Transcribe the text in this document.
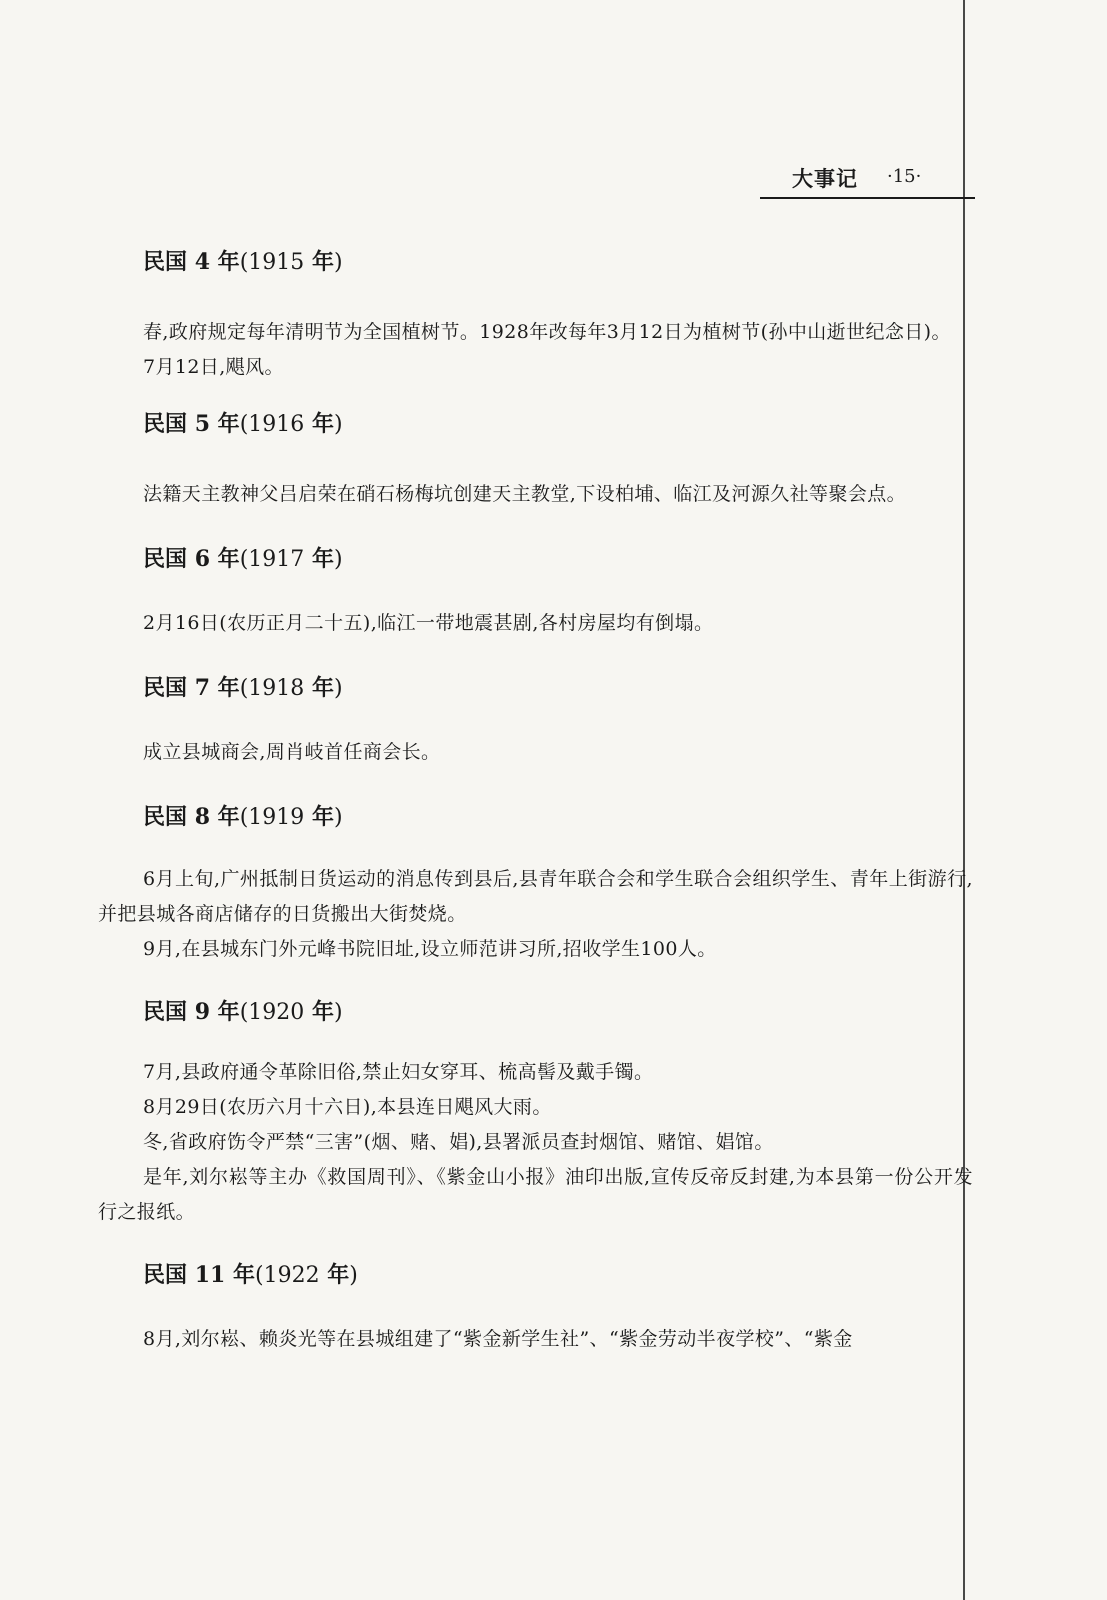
大事记 ·15·
民国 4 年(1915 年)

春,政府规定每年清明节为全国植树节。1928年改每年3月12日为植树节(孙中山逝世纪念日)。

7月12日,飓风。

民国 5 年(1916 年)

法籍天主教神父吕启荣在硝石杨梅坑创建天主教堂,下设柏埔、临江及河源久社等聚会点。

民国 6 年(1917 年)

2月16日(农历正月二十五),临江一带地震甚剧,各村房屋均有倒塌。

民国 7 年(1918 年)

成立县城商会,周肖岐首任商会长。

民国 8 年(1919 年)

6月上旬,广州抵制日货运动的消息传到县后,县青年联合会和学生联合会组织学生、青年上街游行,并把县城各商店储存的日货搬出大街焚烧。

9月,在县城东门外元峰书院旧址,设立师范讲习所,招收学生100人。

民国 9 年(1920 年)

7月,县政府通令革除旧俗,禁止妇女穿耳、梳高髻及戴手镯。

8月29日(农历六月十六日),本县连日飓风大雨。

冬,省政府饬令严禁“三害”(烟、赌、娼),县署派员查封烟馆、赌馆、娼馆。

是年,刘尔崧等主办《救国周刊》、《紫金山小报》油印出版,宣传反帝反封建,为本县第一份公开发行之报纸。

民国 11 年(1922 年)

8月,刘尔崧、赖炎光等在县城组建了“紫金新学生社”、“紫金劳动半夜学校”、“紫金
